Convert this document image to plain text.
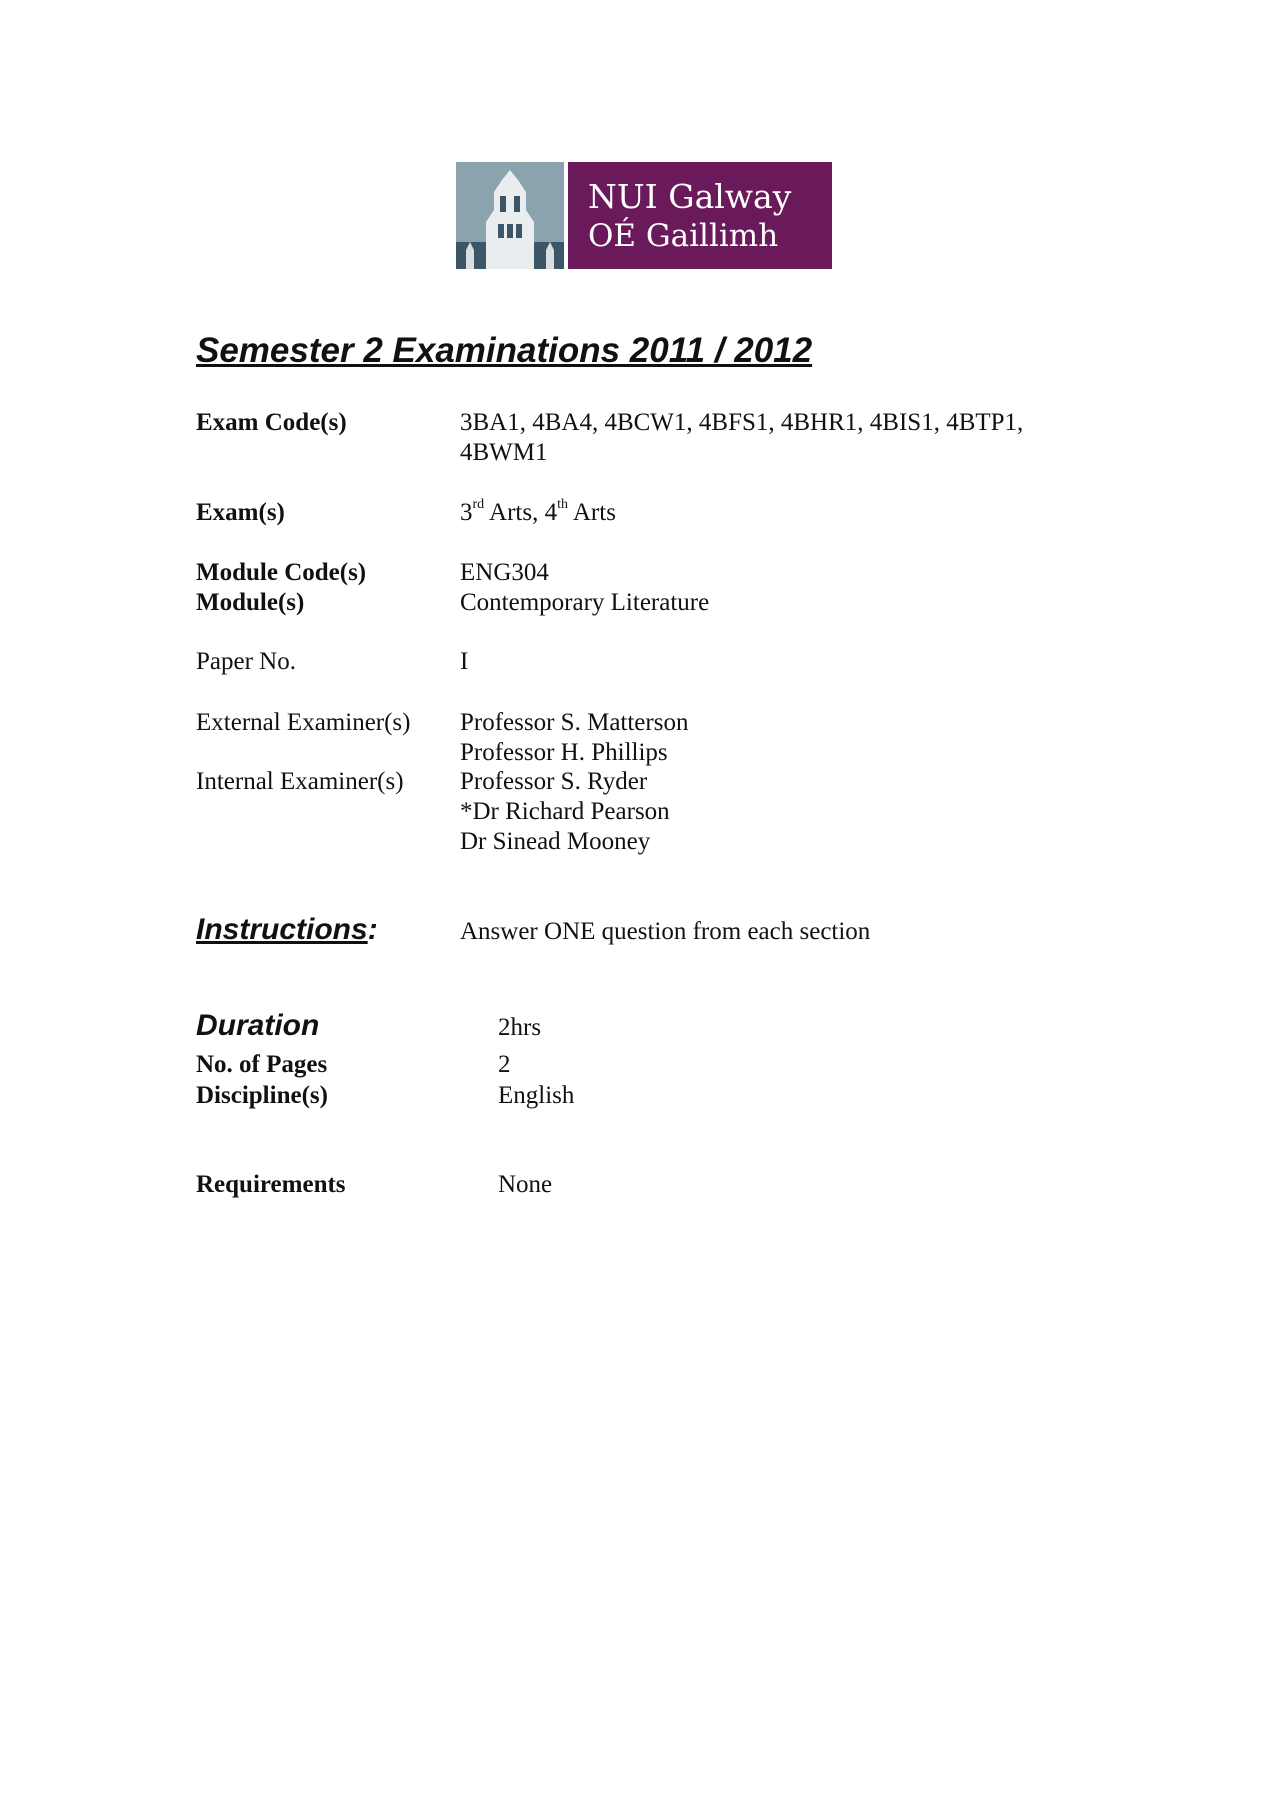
NUI Galway
OÉ Gaillimh
Semester 2 Examinations 2011 / 2012
Exam Code(s)	3BA1, 4BA4, 4BCW1, 4BFS1, 4BHR1, 4BIS1, 4BTP1,
4BWM1
Exam(s)	3rd Arts, 4th Arts
Module Code(s)	ENG304
Module(s)	Contemporary Literature
Paper No.	I
External Examiner(s) Professor S. Matterson
Professor H. Phillips
Internal Examiner(s) Professor S. Ryder
*Dr Richard Pearson
Dr Sinead Mooney
Instructions:	Answer ONE question from each section
Duration	2hrs
No. of Pages	2
Discipline(s)	English
Requirements	None
